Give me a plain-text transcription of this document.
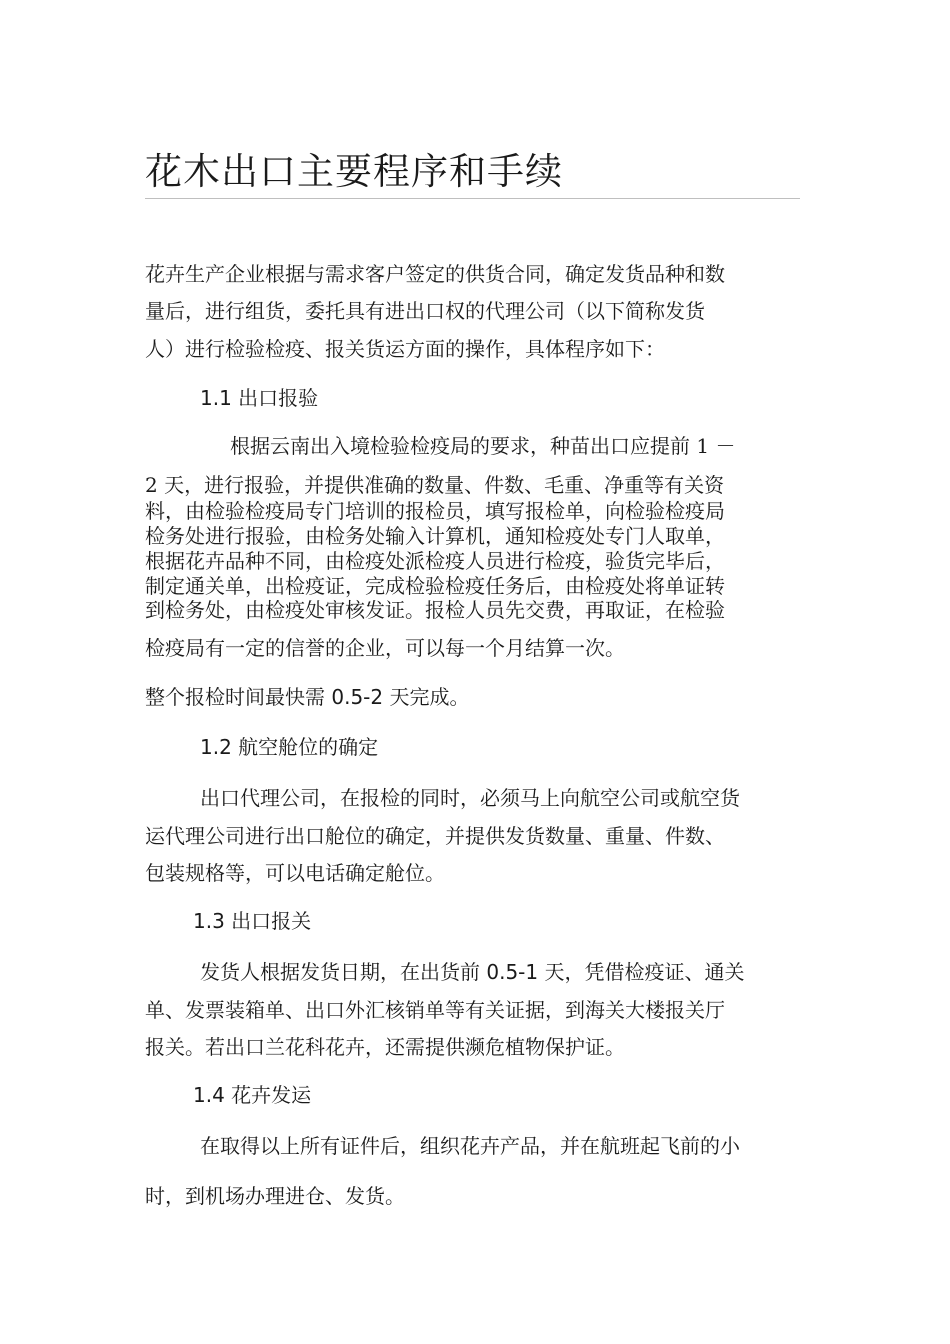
花木出口主要程序和手续
花卉生产企业根据与需求客户签定的供货合同，确定发货品种和数
量后，进行组货，委托具有进出口权的代理公司（以下简称发货
人）进行检验检疫、报关货运方面的操作，具体程序如下：
1.1 出口报验
根据云南出入境检验检疫局的要求，种苗出口应提前 1 －
2 天，进行报验，并提供准确的数量、件数、毛重、净重等有关资
料，由检验检疫局专门培训的报检员，填写报检单，向检验检疫局
检务处进行报验，由检务处输入计算机，通知检疫处专门人取单，
根据花卉品种不同，由检疫处派检疫人员进行检疫，验货完毕后，
制定通关单，出检疫证，完成检验检疫任务后，由检疫处将单证转
到检务处，由检疫处审核发证。报检人员先交费，再取证，在检验
检疫局有一定的信誉的企业，可以每一个月结算一次。
整个报检时间最快需 0.5-2 天完成。
1.2 航空舱位的确定
出口代理公司，在报检的同时，必须马上向航空公司或航空货
运代理公司进行出口舱位的确定，并提供发货数量、重量、件数、
包装规格等，可以电话确定舱位。
1.3 出口报关
发货人根据发货日期，在出货前 0.5-1 天，凭借检疫证、通关
单、发票装箱单、出口外汇核销单等有关证据，到海关大楼报关厅
报关。若出口兰花科花卉，还需提供濒危植物保护证。
1.4 花卉发运
在取得以上所有证件后，组织花卉产品，并在航班起飞前的小
时，到机场办理进仓、发货。
